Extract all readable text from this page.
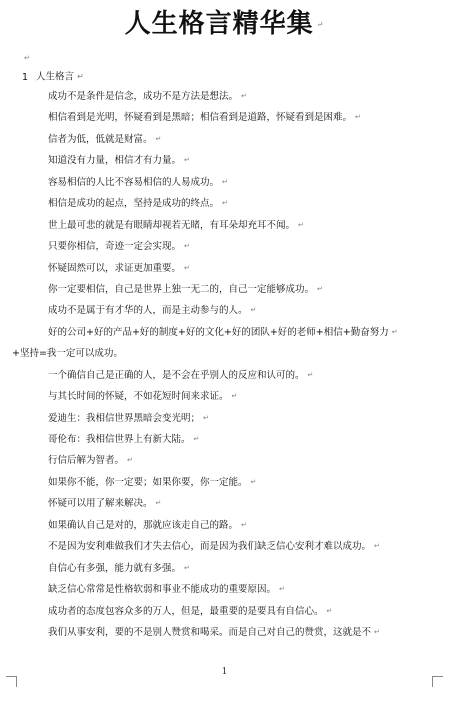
人生格言精华集 ↵
↵
1 人生格言 ↵
成功不是条件是信念，成功不是方法是想法。 ↵
相信看到是光明，怀疑看到是黑暗；相信看到是道路，怀疑看到是困难。 ↵
信者为低，低就是财富。 ↵
知道没有力量，相信才有力量。 ↵
容易相信的人比不容易相信的人易成功。 ↵
相信是成功的起点，坚持是成功的终点。 ↵
世上最可悲的就是有眼睛却视若无睹，有耳朵却充耳不闻。 ↵
只要你相信，奇迹一定会实现。 ↵
怀疑固然可以，求证更加重要。 ↵
你一定要相信，自己是世界上独一无二的，自己一定能够成功。 ↵
成功不是属于有才华的人，而是主动参与的人。 ↵
好的公司+好的产品+好的制度+好的文化+好的团队+好的老师+相信+勤奋努力 ↵
+坚持=我一定可以成功。
一个确信自己是正确的人，是不会在乎别人的反应和认可的。 ↵
与其长时间的怀疑，不如花短时间来求证。 ↵
爱迪生：我相信世界黑暗会变光明； ↵
哥伦布：我相信世界上有新大陆。 ↵
行信后解为智者。 ↵
如果你不能，你一定要；如果你要，你一定能。 ↵
怀疑可以用了解来解决。 ↵
如果确认自己是对的，那就应该走自己的路。 ↵
不是因为安利难做我们才失去信心，而是因为我们缺乏信心安利才难以成功。 ↵
自信心有多强，能力就有多强。 ↵
缺乏信心常常是性格软弱和事业不能成功的重要原因。 ↵
成功者的态度包容众多的万人，但是，最重要的是要具有自信心。 ↵
我们从事安利，要的不是别人赞赏和喝采。而是自己对自己的赞赏，这就是不 ↵
1
